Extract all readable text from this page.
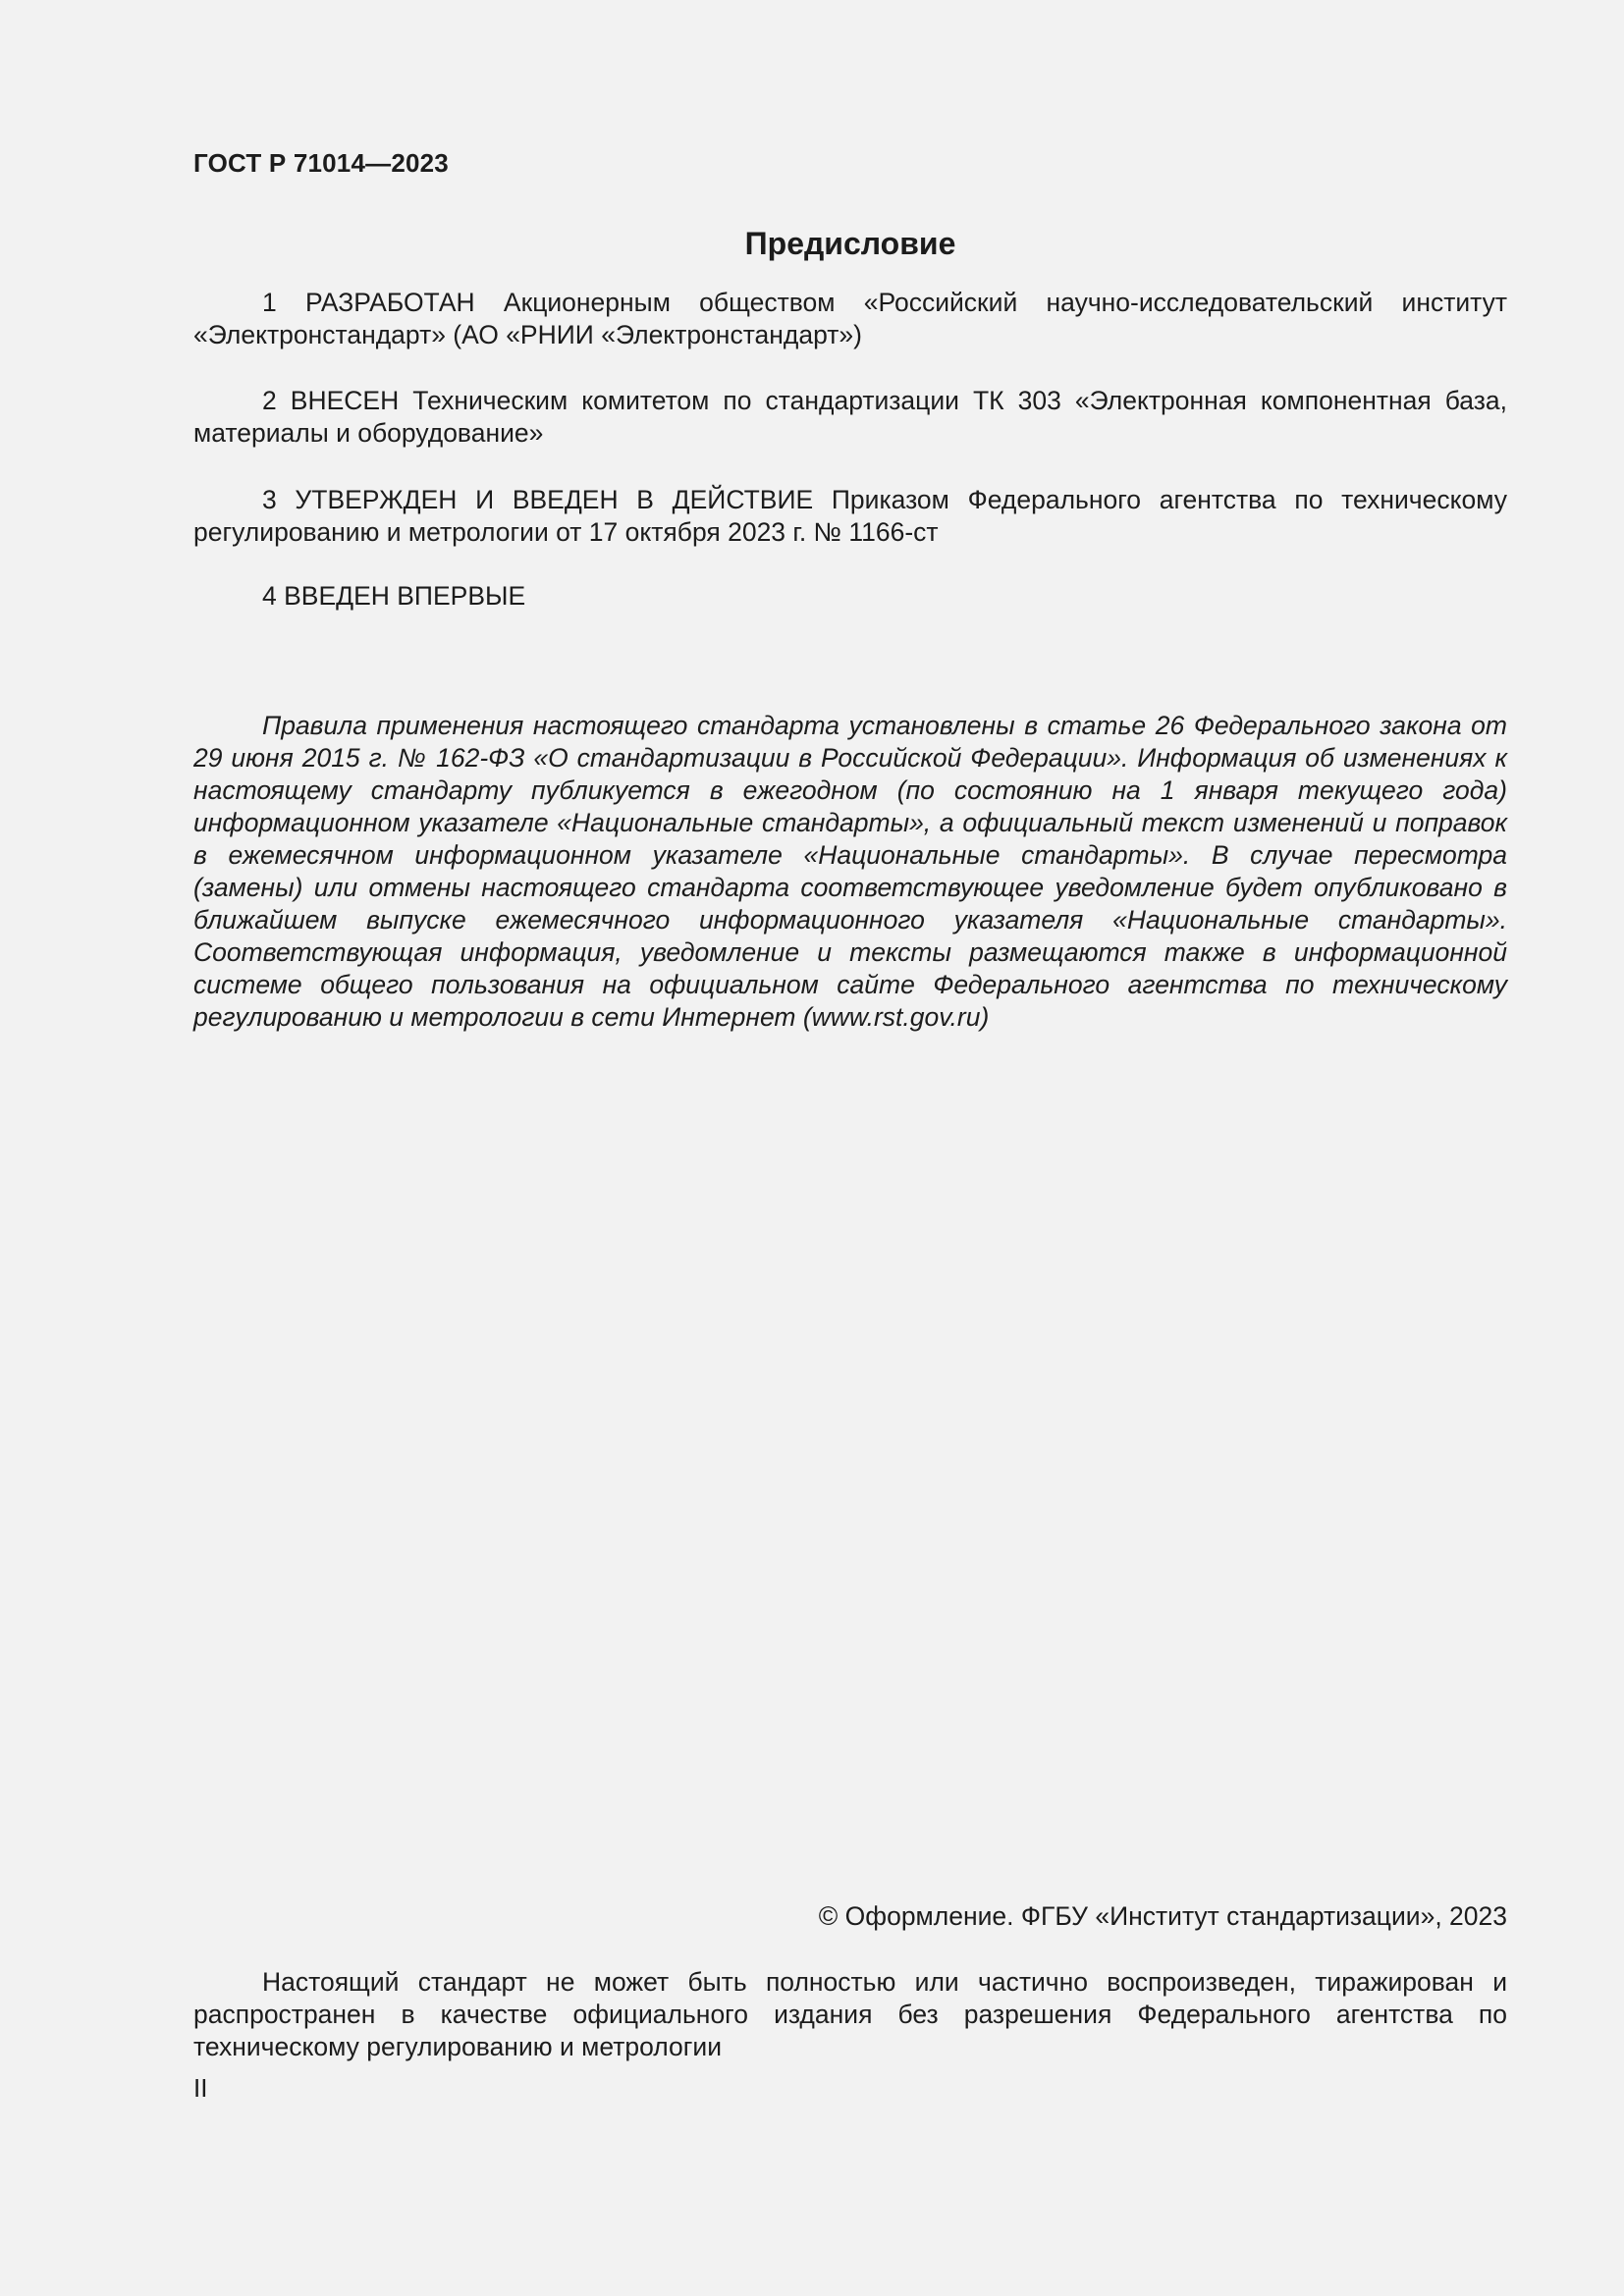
ГОСТ Р 71014—2023
Предисловие
1 РАЗРАБОТАН Акционерным обществом «Российский научно-исследовательский институт «Электронстандарт» (АО «РНИИ «Электронстандарт»)
2 ВНЕСЕН Техническим комитетом по стандартизации ТК 303 «Электронная компонентная база, материалы и оборудование»
3 УТВЕРЖДЕН И ВВЕДЕН В ДЕЙСТВИЕ Приказом Федерального агентства по техническому регулированию и метрологии от 17 октября 2023 г. № 1166-ст
4 ВВЕДЕН ВПЕРВЫЕ
Правила применения настоящего стандарта установлены в статье 26 Федерального закона от 29 июня 2015 г. № 162-ФЗ «О стандартизации в Российской Федерации». Информация об изменениях к настоящему стандарту публикуется в ежегодном (по состоянию на 1 января текущего года) информационном указателе «Национальные стандарты», а официальный текст изменений и поправок в ежемесячном информационном указателе «Национальные стандарты». В случае пересмотра (замены) или отмены настоящего стандарта соответствующее уведомление будет опубликовано в ближайшем выпуске ежемесячного информационного указателя «Национальные стандарты». Соответствующая информация, уведомление и тексты размещаются также в информационной системе общего пользования на официальном сайте Федерального агентства по техническому регулированию и метрологии в сети Интернет (www.rst.gov.ru)
© Оформление. ФГБУ «Институт стандартизации», 2023
Настоящий стандарт не может быть полностью или частично воспроизведен, тиражирован и распространен в качестве официального издания без разрешения Федерального агентства по техническому регулированию и метрологии
II
